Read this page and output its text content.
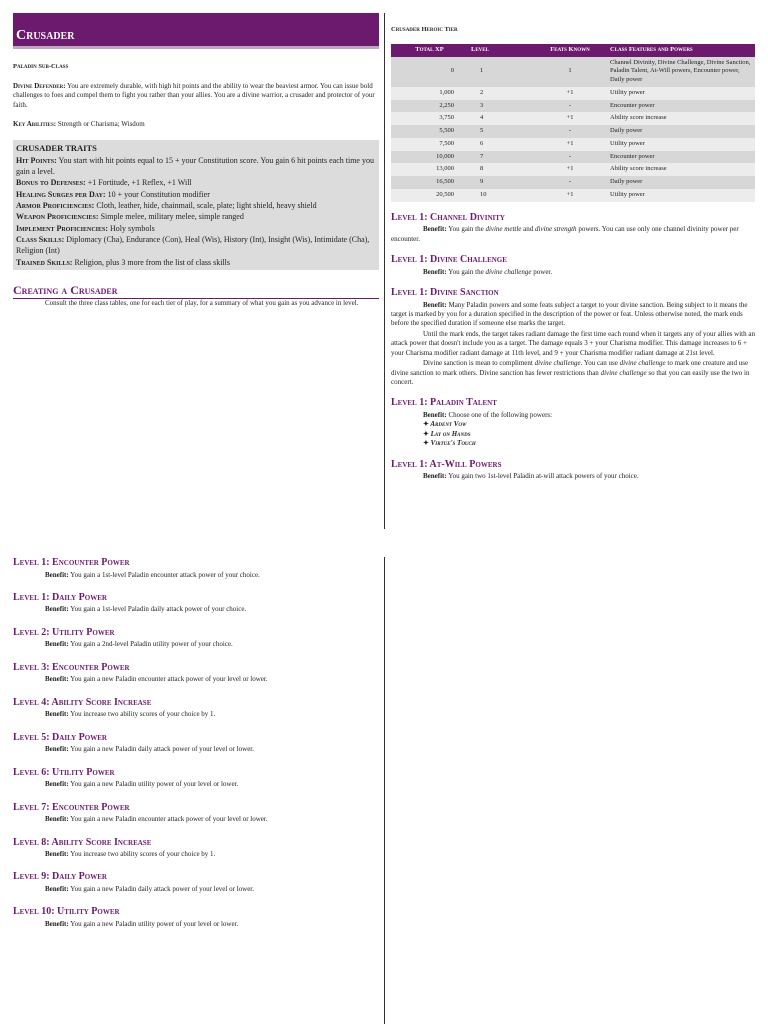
Crusader
Paladin Sub-Class

Divine Defender: You are extremely durable, with high hit points and the ability to wear the beaviest armor. You can issue bold challenges to foes and compel them to fight you rather than your allies. You are a divine warrior, a crusader and protector of your faith.

Key Abilities: Strength or Charisma; Wisdom

CRUSADER TRAITS
Hit Points: You start with hit points equal to 15 + your Constitution score. You gain 6 hit points each time you gain a level.
Bonus to Defenses: +1 Fortitude, +1 Reflex, +1 Will
Healing Surges per Day: 10 + your Constitution modifier
Armor Proficiencies: Cloth, leather, hide, chainmail, scale, plate; light shield, heavy shield
Weapon Proficiencies: Simple melee, military melee, simple ranged
Implement Proficiencies: Holy symbols
Class Skills: Diplomacy (Cha), Endurance (Con), Heal (Wis), History (Int), Insight (Wis), Intimidate (Cha), Religion (Int)
Trained Skills: Religion, plus 3 more from the list of class skills
Creating a Crusader

Consult the three class tables, one for each tier of play, for a summary of what you gain as you advance in level.

Crusader Heroic Tier
Total XP	Level	Feats Known	Class Features and Powers
0	1	1	Channel Divinity, Divine Challenge, Divine Sanction, Paladin Talent, At-Will powers, Encounter power, Daily power
1,000	2	+1	Utility power
2,250	3	-	Encounter power
3,750	4	+1	Ability score increase
5,500	5	-	Daily power
7,500	6	+1	Utility power
10,000	7	-	Encounter power
13,000	8	+1	Ability score increase
16,500	9	-	Daily power
20,500	10	+1	Utility power
Level 1: Channel Divinity

Benefit: You gain the divine mettle and divine strength powers. You can use only one channel divinity power per encounter.

Level 1: Divine Challenge

Benefit: You gain the divine challenge power.

Level 1: Divine Sanction

Benefit: Many Paladin powers and some feats subject a target to your divine sanction. Being subject to it means the target is marked by you for a duration specified in the description of the power or feat. Unless otherwise noted, the mark ends before the specified duration if someone else marks the target.

Until the mark ends, the target takes radiant damage the first time each round when it targets any of your allies with an attack power that doesn't include you as a target. The damage equals 3 + your Charisma modifier. This damage increases to 6 + your Charisma modifier radiant damage at 11th level, and 9 + your Charisma modifier radiant damage at 21st level.

Divine sanction is mean to compliment divine challenge. You can use divine challenge to mark one creature and use divine sanction to mark others. Divine sanction has fewer restrictions than divine challenge so that you can easily use the two in concert.

Level 1: Paladin Talent

Benefit: Choose one of the following powers:

✦ Ardent Vow
✦ Lay on Hands
✦ Virtue's Touch
Level 1: At-Will Powers

Benefit: You gain two 1st-level Paladin at-will attack powers of your choice.

Level 1: Encounter Power

Benefit: You gain a 1st-level Paladin encounter attack power of your choice.

Level 1: Daily Power

Benefit: You gain a 1st-level Paladin daily attack power of your choice.

Level 2: Utility Power

Benefit: You gain a 2nd-level Paladin utility power of your choice.

Level 3: Encounter Power

Benefit: You gain a new Paladin encounter attack power of your level or lower.

Level 4: Ability Score Increase

Benefit: You increase two ability scores of your choice by 1.

Level 5: Daily Power

Benefit: You gain a new Paladin daily attack power of your level or lower.

Level 6: Utility Power

Benefit: You gain a new Paladin utility power of your level or lower.

Level 7: Encounter Power

Benefit: You gain a new Paladin encounter attack power of your level or lower.

Level 8: Ability Score Increase

Benefit: You increase two ability scores of your choice by 1.

Level 9: Daily Power

Benefit: You gain a new Paladin daily attack power of your level or lower.

Level 10: Utility Power

Benefit: You gain a new Paladin utility power of your level or lower.
